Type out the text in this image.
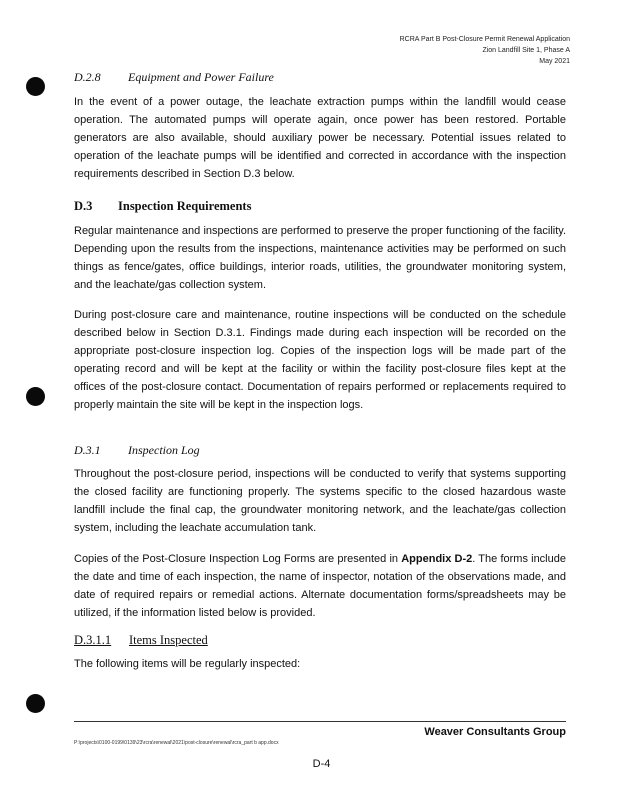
RCRA Part B Post-Closure Permit Renewal Application
Zion Landfill Site 1, Phase A
May 2021
D.2.8 Equipment and Power Failure
In the event of a power outage, the leachate extraction pumps within the landfill would cease operation. The automated pumps will operate again, once power has been restored. Portable generators are also available, should auxiliary power be necessary. Potential issues related to operation of the leachate pumps will be identified and corrected in accordance with the inspection requirements described in Section D.3 below.
D.3 Inspection Requirements
Regular maintenance and inspections are performed to preserve the proper functioning of the facility. Depending upon the results from the inspections, maintenance activities may be performed on such things as fence/gates, office buildings, interior roads, utilities, the groundwater monitoring system, and the leachate/gas collection system.
During post-closure care and maintenance, routine inspections will be conducted on the schedule described below in Section D.3.1. Findings made during each inspection will be recorded on the appropriate post-closure inspection log. Copies of the inspection logs will be made part of the operating record and will be kept at the facility or within the facility post-closure files kept at the offices of the post-closure contact. Documentation of repairs performed or replacements required to properly maintain the site will be kept in the inspection logs.
D.3.1 Inspection Log
Throughout the post-closure period, inspections will be conducted to verify that systems supporting the closed facility are functioning properly. The systems specific to the closed hazardous waste landfill include the final cap, the groundwater monitoring network, and the leachate/gas collection system, including the leachate accumulation tank.
Copies of the Post-Closure Inspection Log Forms are presented in Appendix D-2. The forms include the date and time of each inspection, the name of inspector, notation of the observations made, and date of required repairs or remedial actions. Alternate documentation forms/spreadsheets may be utilized, if the information listed below is provided.
D.3.1.1 Items Inspected
The following items will be regularly inspected:
Weaver Consultants Group
P:\projects\0100-0199\0139\23\rcra\renewal\2021\post-closure\renewal\rcra_part b app.docx
D-4
